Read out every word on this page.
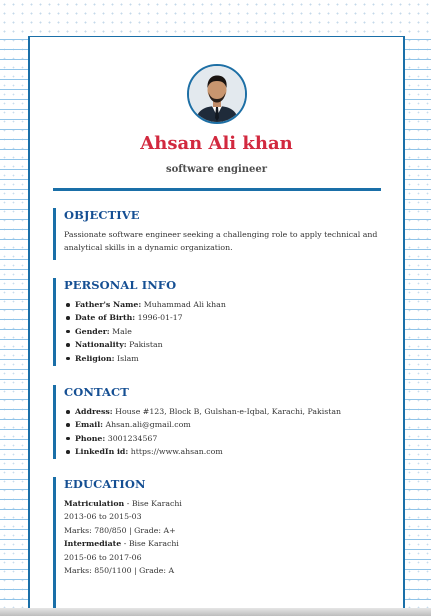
Ahsan Ali khan
software engineer
OBJECTIVE

Passionate software engineer seeking a challenging role to apply technical and analytical skills in a dynamic organization.

PERSONAL INFO
Father's Name: Muhammad Ali khan
Date of Birth: 1996-01-17
Gender: Male
Nationality: Pakistan
Religion: Islam
CONTACT
Address: House #123, Block B, Gulshan-e-Iqbal, Karachi, Pakistan
Email: Ahsan.ali@gmail.com
Phone: 3001234567
LinkedIn id: https://www.ahsan.com
EDUCATION
Matriculation - Bise Karachi
2013-06 to 2015-03
Marks: 780/850 | Grade: A+
Intermediate - Bise Karachi
2015-06 to 2017-06
Marks: 850/1100 | Grade: A
